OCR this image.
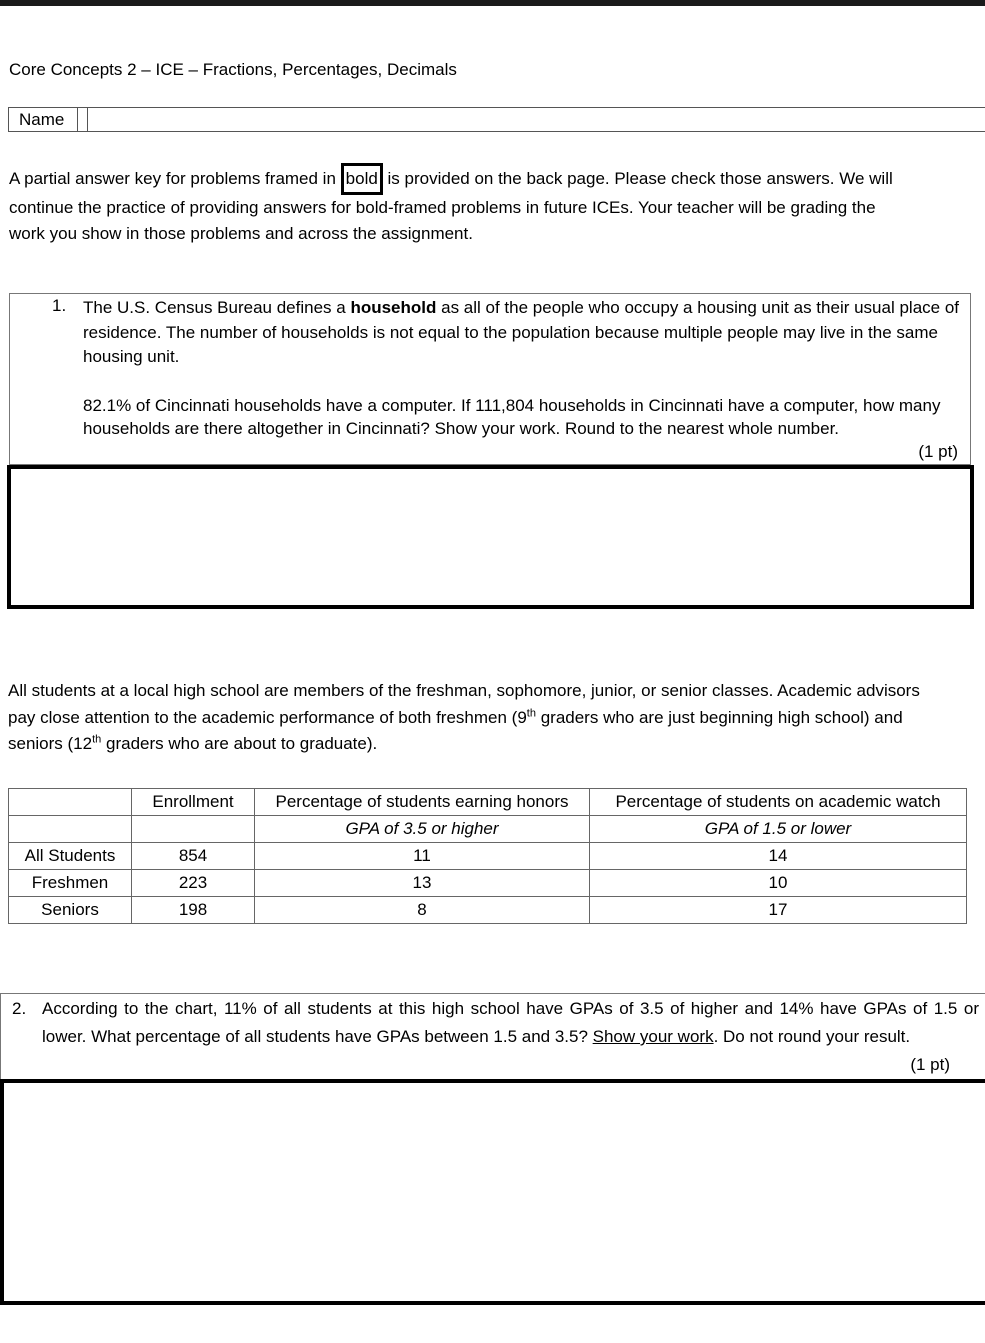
Core Concepts 2 – ICE – Fractions, Percentages, Decimals
Name
A partial answer key for problems framed in bold is provided on the back page. Please check those answers. We will

continue the practice of providing answers for bold-framed problems in future ICEs. Your teacher will be grading the
work you show in those problems and across the assignment.
1. The U.S. Census Bureau defines a household as all of the people who occupy a housing unit as their usual place of residence. The number of households is not equal to the population because multiple people may live in the same housing unit.
82.1% of Cincinnati households have a computer. If 111,804 households in Cincinnati have a computer, how many households are there altogether in Cincinnati? Show your work. Round to the nearest whole number.
(1 pt)
All students at a local high school are members of the freshman, sophomore, junior, or senior classes. Academic advisors
pay close attention to the academic performance of both freshmen (9th graders who are just beginning high school) and
seniors (12th graders who are about to graduate).
	Enrollment	Percentage of students earning honors	Percentage of students on academic watch
		GPA of 3.5 or higher	GPA of 1.5 or lower
All Students	854	11	14
Freshmen	223	13	10
Seniors	198	8	17
2. According to the chart, 11% of all students at this high school have GPAs of 3.5 of higher and 14% have GPAs of 1.5 or lower. What percentage of all students have GPAs between 1.5 and 3.5? Show your work. Do not round your result.
(1 pt)
